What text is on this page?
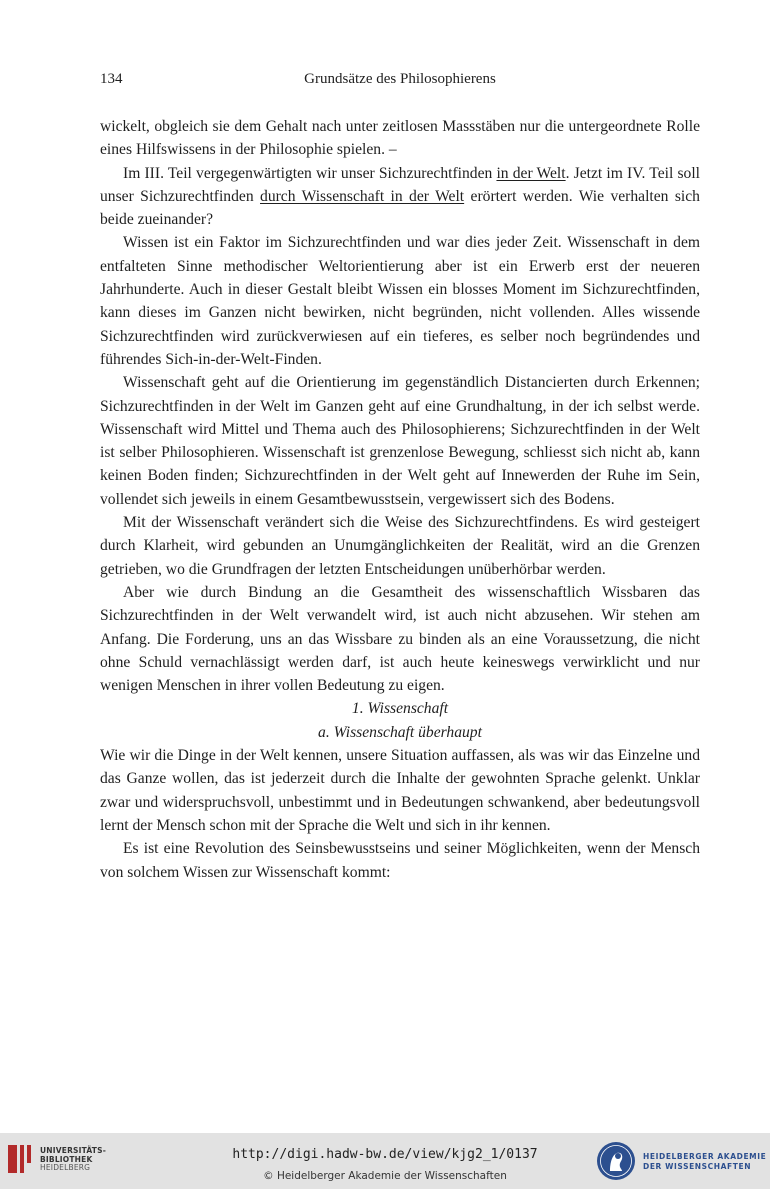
134	Grundsätze des Philosophierens

wickelt, obgleich sie dem Gehalt nach unter zeitlosen Massstäben nur die untergeordnete Rolle eines Hilfswissens in der Philosophie spielen. –

Im III. Teil vergegenwärtigten wir unser Sichzurechtfinden in der Welt. Jetzt im IV. Teil soll unser Sichzurechtfinden durch Wissenschaft in der Welt erörtert werden. Wie verhalten sich beide zueinander?

Wissen ist ein Faktor im Sichzurechtfinden und war dies jeder Zeit. Wissenschaft in dem entfalteten Sinne methodischer Weltorientierung aber ist ein Erwerb erst der neueren Jahrhunderte. Auch in dieser Gestalt bleibt Wissen ein blosses Moment im Sichzurechtfinden, kann dieses im Ganzen nicht bewirken, nicht begründen, nicht vollenden. Alles wissende Sichzurechtfinden wird zurückverwiesen auf ein tieferes, es selber noch begründendes und führendes Sich-in-der-Welt-Finden.

Wissenschaft geht auf die Orientierung im gegenständlich Distancierten durch Erkennen; Sichzurechtfinden in der Welt im Ganzen geht auf eine Grundhaltung, in der ich selbst werde. Wissenschaft wird Mittel und Thema auch des Philosophierens; Sichzurechtfinden in der Welt ist selber Philosophieren. Wissenschaft ist grenzenlose Bewegung, schliesst sich nicht ab, kann keinen Boden finden; Sichzurechtfinden in der Welt geht auf Innewerden der Ruhe im Sein, vollendet sich jeweils in einem Gesamtbewusstsein, vergewissert sich des Bodens.

Mit der Wissenschaft verändert sich die Weise des Sichzurechtfindens. Es wird gesteigert durch Klarheit, wird gebunden an Unumgänglichkeiten der Realität, wird an die Grenzen getrieben, wo die Grundfragen der letzten Entscheidungen unüberhörbar werden.

Aber wie durch Bindung an die Gesamtheit des wissenschaftlich Wissbaren das Sichzurechtfinden in der Welt verwandelt wird, ist auch nicht abzusehen. Wir stehen am Anfang. Die Forderung, uns an das Wissbare zu binden als an eine Voraussetzung, die nicht ohne Schuld vernachlässigt werden darf, ist auch heute keineswegs verwirklicht und nur wenigen Menschen in ihrer vollen Bedeutung zu eigen.

1. Wissenschaft

a. Wissenschaft überhaupt

Wie wir die Dinge in der Welt kennen, unsere Situation auffassen, als was wir das Einzelne und das Ganze wollen, das ist jederzeit durch die Inhalte der gewohnten Sprache gelenkt. Unklar zwar und widerspruchsvoll, unbestimmt und in Bedeutungen schwankend, aber bedeutungsvoll lernt der Mensch schon mit der Sprache die Welt und sich in ihr kennen.

Es ist eine Revolution des Seinsbewusstseins und seiner Möglichkeiten, wenn der Mensch von solchem Wissen zur Wissenschaft kommt:

UNIVERSITÄTS-
BIBLIOTHEK
HEIDELBERG
http://digi.hadw-bw.de/view/kjg2_1/0137
© Heidelberger Akademie der Wissenschaften
HEIDELBERGER AKADEMIE
DER WISSENSCHAFTEN
